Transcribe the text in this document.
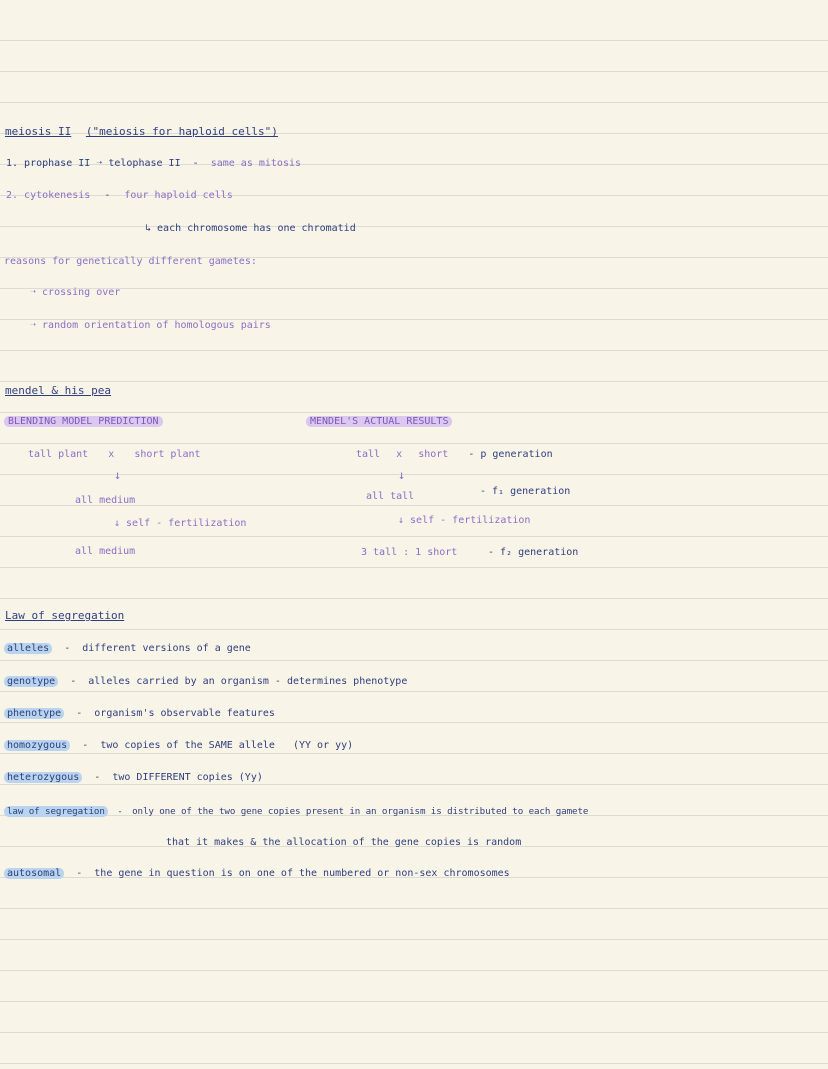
meiosis II ("meiosis for haploid cells")
1. prophase II ➝ telophase II - same as mitosis
2. cytokenesis - four haploid cells
↳ each chromosome has one chromatid
reasons for genetically different gametes:
➝ crossing over
➝ random orientation of homologous pairs
mendel & his pea
BLENDING MODEL PREDICTION
tall plant x short plant
↓
all medium
↓ self - fertilization
all medium
MENDEL'S ACTUAL RESULTS
tall x short - p generation
↓
all tall	- f₁ generation
↓ self - fertilization
3 tall : 1 short	- f₂ generation
Law of segregation
alleles - different versions of a gene
genotype - alleles carried by an organism - determines phenotype
phenotype - organism's observable features
homozygous - two copies of the SAME allele   (YY or yy)
heterozygous - two DIFFERENT copies (Yy)
law of segregation - only one of the two gene copies present in an organism is distributed to each gamete
that it makes & the allocation of the gene copies is random
autosomal - the gene in question is on one of the numbered or non-sex chromosomes
